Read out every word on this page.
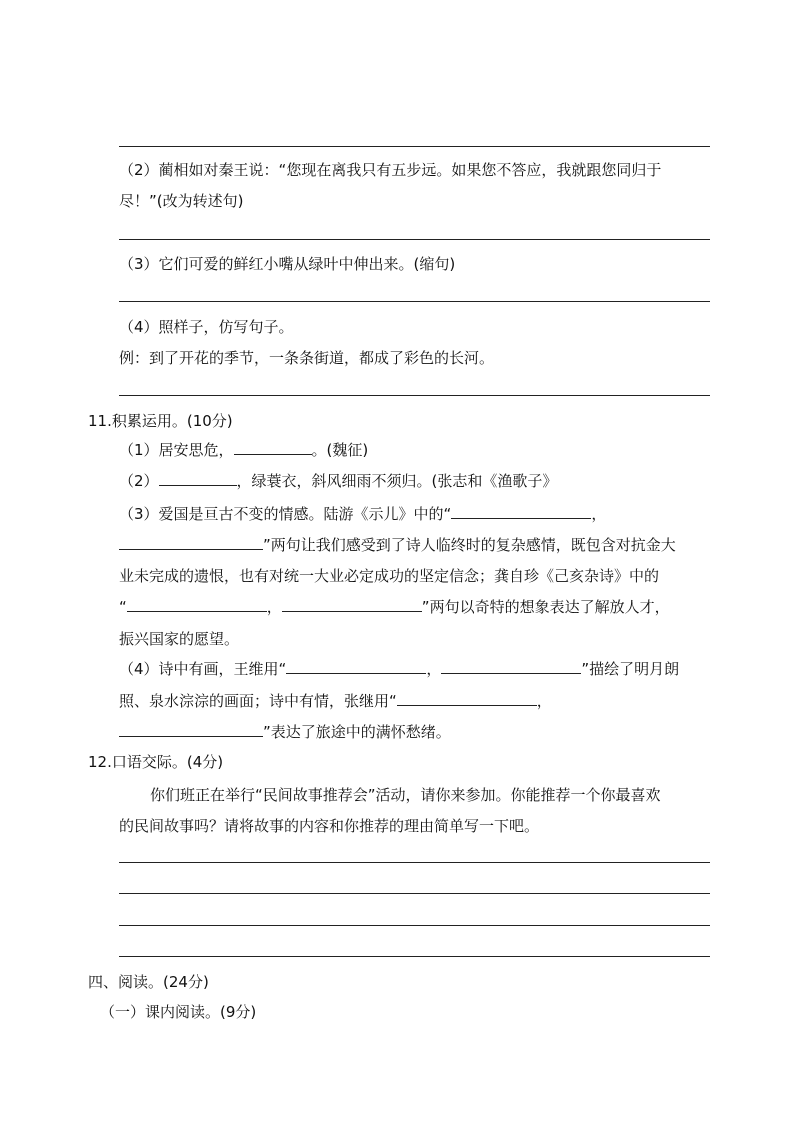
（2）蔺相如对秦王说：“您现在离我只有五步远。如果您不答应，我就跟您同归于
尽！”(改为转述句)
（3）它们可爱的鲜红小嘴从绿叶中伸出来。(缩句)
（4）照样子，仿写句子。
例：到了开花的季节，一条条街道，都成了彩色的长河。
11.积累运用。(10分)
（1）居安思危，	。(魏征)
（2）	，绿蓑衣，斜风细雨不须归。(张志和《渔歌子》
（3）爱国是亘古不变的情感。陆游《示儿》中的“	，
”两句让我们感受到了诗人临终时的复杂感情，既包含对抗金大
业未完成的遗恨，也有对统一大业必定成功的坚定信念；龚自珍《己亥杂诗》中的
“	，	”两句以奇特的想象表达了解放人才，
振兴国家的愿望。
（4）诗中有画，王维用“	，	”描绘了明月朗
照、泉水淙淙的画面；诗中有情，张继用“	，
”表达了旅途中的满怀愁绪。
12.口语交际。(4分)
你们班正在举行“民间故事推荐会”活动，请你来参加。你能推荐一个你最喜欢
的民间故事吗？请将故事的内容和你推荐的理由简单写一下吧。
四、阅读。(24分)
（一）课内阅读。(9分)
